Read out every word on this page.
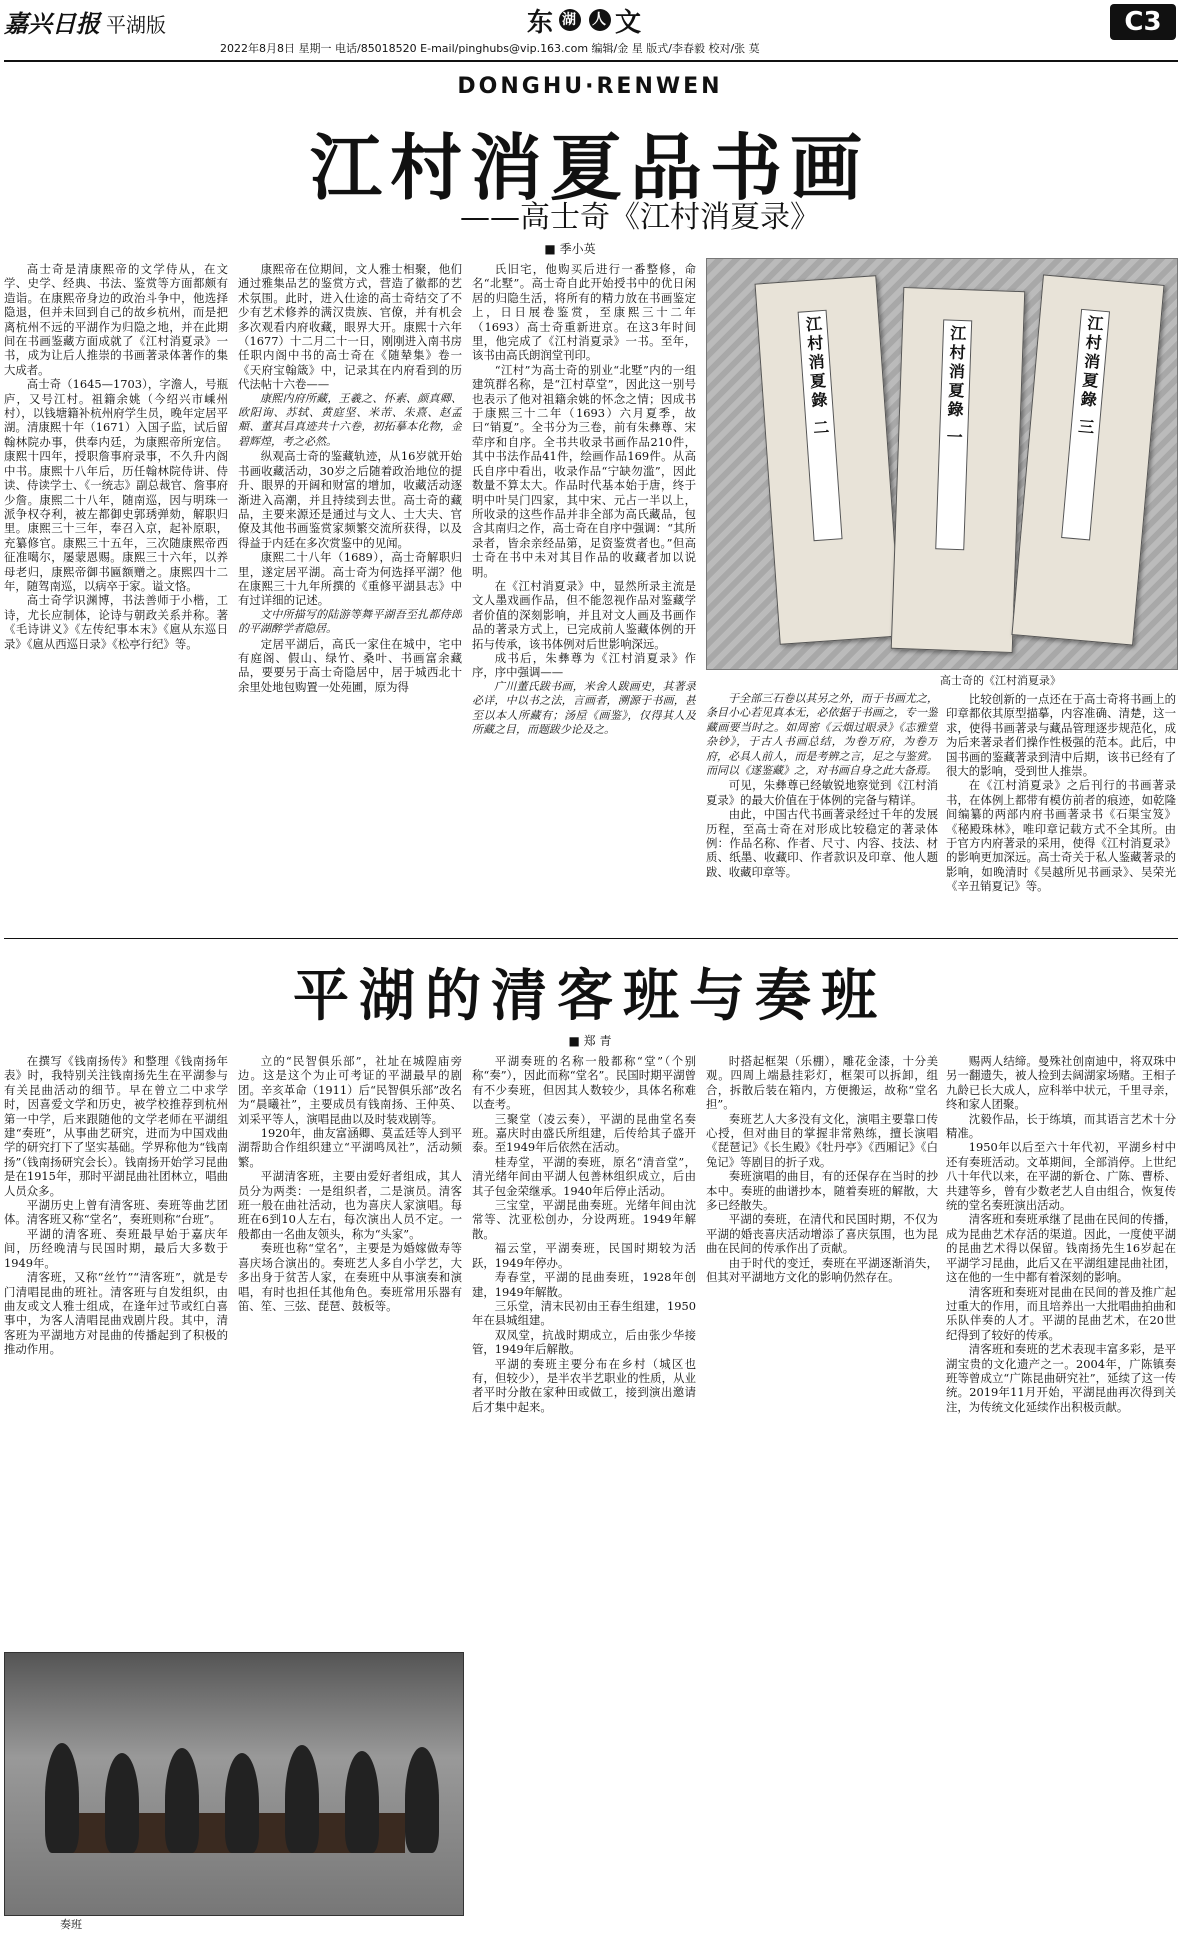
嘉兴日报 平湖版	东 湖 人 文	C3
2022年8月8日 星期一 电话/85018520 E-mail/pinghubs@vip.163.com 编辑/金 星 版式/李春毅 校对/张 莫
DONGHU·RENWEN
江村消夏品书画
——高士奇《江村消夏录》
■ 季小英

高士奇是清康熙帝的文学侍从，在文学、史学、经典、书法、鉴赏等方面都颇有造诣。在康熙帝身边的政治斗争中，他选择隐退，但并未回到自己的故乡杭州，而是把离杭州不远的平湖作为归隐之地，并在此期间在书画鉴藏方面成就了《江村消夏录》一书，成为让后人推崇的书画著录体著作的集大成者。

高士奇（1645—1703），字澹人，号瓶庐，又号江村。祖籍余姚（今绍兴市嵊州村），以钱塘籍补杭州府学生员，晚年定居平湖。清康熙十年（1671）入国子监，试后留翰林院办事，供奉内廷，为康熙帝所宠信。康熙十四年，授职詹事府录事，不久升内阁中书。康熙十八年后，历任翰林院侍讲、侍读、侍读学士、《一统志》副总裁官、詹事府少詹。康熙二十八年，随南巡，因与明珠一派争权夺利，被左都御史郭琇弹劾，解职归里。康熙三十三年，奉召入京，起补原职，充纂修官。康熙三十五年，三次随康熙帝西征准噶尔，屡蒙恩赐。康熙三十六年，以养母老归，康熙帝御书匾额赠之。康熙四十二年，随驾南巡，以病卒于家。谥文恪。

高士奇学识渊博，书法善师于小楷，工诗，尤长应制体，论诗与朝政关系并称。著《毛诗讲义》《左传纪事本末》《扈从东巡日录》《扈从西巡日录》《松亭行纪》等。

康熙帝在位期间，文人雅士相聚，他们通过雅集品艺的鉴赏方式，营造了徽都的艺术氛围。此时，进入仕途的高士奇结交了不少有艺术修养的满汉贵族、官僚，并有机会多次观看内府收藏，眼界大开。康熙十六年（1677）十二月二十一日，刚刚进入南书房任职内阁中书的高士奇在《随辇集》卷一《天府宝翰箴》中，记录其在内府看到的历代法帖十六卷——

康熙内府所藏，王羲之、怀素、颜真卿、欧阳询、苏轼、黄庭坚、米芾、朱熹、赵孟頫、董其昌真迹共十六卷，初拓摹本化物，金碧辉煌，考之必然。

纵观高士奇的鉴藏轨迹，从16岁就开始书画收藏活动，30岁之后随着政治地位的提升、眼界的开阔和财富的增加，收藏活动逐渐进入高潮，并且持续到去世。高士奇的藏品，主要来源还是通过与文人、士大夫、官僚及其他书画鉴赏家频繁交流所获得，以及得益于内廷在多次赏鉴中的见闻。

康熙二十八年（1689），高士奇解职归里，遂定居平湖。高士奇为何选择平湖？他在康熙三十九年所撰的《重修平湖县志》中有过详细的记述。

文中所描写的陆游等舞平湖吾至扎都侍郎的平湖醉学者隐居。

定居平湖后，高氏一家住在城中，宅中有庭阁、假山、绿竹、桑叶、书画富余藏品，要要另于高士奇隐居中，居于城西北十余里处地包购置一处苑圃，原为得

氏旧宅，他购买后进行一番整修，命名“北墅”。高士奇自此开始授书中的优日闲居的归隐生活，将所有的精力放在书画鉴定上，日日展卷鉴赏，至康熙三十二年（1693）高士奇重新进京。在这3年时间里，他完成了《江村消夏录》一书。至年，该书由高氏朗润堂刊印。

“江村”为高士奇的别业“北墅”内的一组建筑群名称，是“江村草堂”，因此这一别号也表示了他对祖籍余姚的怀念之情；因成书于康熙三十二年（1693）六月夏季，故曰“销夏”。全书分为三卷，前有朱彝尊、宋荦序和自序。全书共收录书画作品210件，其中书法作品41件，绘画作品169件。从高氏自序中看出，收录作品“宁缺勿滥”，因此数量不算太大。作品时代基本始于唐，终于明中叶吴门四家，其中宋、元占一半以上，所收录的这些作品并非全部为高氏藏品，包含其南归之作，高士奇在自序中强调：“其所录者，皆余亲经品第，足资鉴赏者也。”但高士奇在书中未对其目作品的收藏者加以说明。

在《江村消夏录》中，显然所录主流是文人墨戏画作品，但不能忽视作品对鉴藏学者价值的深刻影响，并且对文人画及书画作品的著录方式上，已完成前人鉴藏体例的开拓与传承，该书体例对后世影响深远。

成书后，朱彝尊为《江村消夏录》作序，序中强调——

广川董氏跋书画，米舍人跋画史，其著录必详，中以书之法，言画者，溯源于书画，甚至以本人所藏有；汤垕《画鉴》，仅得其人及所藏之目，而题跋少论及之。

江村消夏錄 二	江村消夏錄 一	江村消夏錄 三
高士奇的《江村消夏录》

于全部三石卷以其另之外，而于书画尤之，条目小心若见真本无，必依据于书画之，专一鉴藏画要当时之。如周密《云烟过眼录》《志雅堂杂钞》，于古人书画总结，为卷万府，为卷万府，必具人前人，而是考辨之言，足之与鉴赏。而同以《遂鉴藏》之，对书画自身之此大备焉。

可见，朱彝尊已经敏锐地察觉到《江村消夏录》的最大价值在于体例的完备与精详。

由此，中国古代书画著录经过千年的发展历程，至高士奇在对形成比较稳定的著录体例：作品名称、作者、尺寸、内容、技法、材质、纸墨、收藏印、作者款识及印章、他人题跋、收藏印章等。

比较创新的一点还在于高士奇将书画上的印章都依其原型描摹，内容准确、清楚，这一求，使得书画著录与藏品管理逐步规范化，成为后来著录者们操作性极强的范本。此后，中国书画的鉴藏著录到清中后期，该书已经有了很大的影响，受到世人推崇。

在《江村消夏录》之后刊行的书画著录书，在体例上都带有模仿前者的痕迹，如乾隆间编纂的两部内府书画著录书《石渠宝笈》《秘殿珠林》，唯印章记载方式不全其所。由于官方内府著录的采用，使得《江村消夏录》的影响更加深远。高士奇关于私人鉴藏著录的影响，如晚清时《吴越所见书画录》、吴荣光《辛丑销夏记》等。

平湖的清客班与奏班
■ 郑 青

在撰写《钱南扬传》和整理《钱南扬年表》时，我特别关注钱南扬先生在平湖参与有关昆曲活动的细节。早在曾立二中求学时，因喜爱文学和历史，被学校推荐到杭州第一中学，后来跟随他的文学老师在平湖组建“奏班”，从事曲艺研究，进而为中国戏曲学的研究打下了坚实基础。学界称他为“钱南扬”（钱南扬研究会长）。钱南扬开始学习昆曲是在1915年，那时平湖昆曲社团林立，唱曲人员众多。

平湖历史上曾有清客班、奏班等曲艺团体。清客班又称“堂名”，奏班则称“台班”。

平湖的清客班、奏班最早始于嘉庆年间，历经晚清与民国时期，最后大多数于1949年。

清客班，又称“丝竹”“清客班”，就是专门清唱昆曲的班社。清客班与自发组织，由曲友或文人雅士组成，在逢年过节或红白喜事中，为客人清唱昆曲戏剧片段。其中，清客班为平湖地方对昆曲的传播起到了积极的推动作用。

立的“民智俱乐部”，社址在城隍庙旁边。这是这个为止可考证的平湖最早的剧团。辛亥革命（1911）后“民智俱乐部”改名为“晨曦社”，主要成员有钱南扬、王仲英、刘采平等人，演唱昆曲以及时装戏剧等。

1920年，曲友富涵卿、莫孟廷等人到平湖帮助合作组织建立“平湖鸣凤社”，活动频繁。

平湖清客班，主要由爱好者组成，其人员分为两类：一是组织者，二是演员。清客班一般在曲社活动，也为喜庆人家演唱。每班在6到10人左右，每次演出人员不定。一般都由一名曲友领头，称为“头家”。

奏班也称“堂名”，主要是为婚嫁做寿等喜庆场合演出的。奏班艺人多自小学艺，大多出身于贫苦人家，在奏班中从事演奏和演唱，有时也担任其他角色。奏班常用乐器有笛、笙、三弦、琵琶、鼓板等。

奏班

平湖奏班的名称一般都称“堂”（个别称“奏”），因此而称“堂名”。民国时期平湖曾有不少奏班，但因其人数较少，具体名称难以查考。

三聚堂（凌云奏），平湖的昆曲堂名奏班。嘉庆时由盛氏所组建，后传给其子盛开泰。至1949年后依然在活动。

桂寿堂，平湖的奏班，原名“清音堂”，清光绪年间由平湖人包善林组织成立，后由其子包金荣继承。1940年后停止活动。

三宝堂，平湖昆曲奏班。光绪年间由沈常等、沈亚松创办，分设两班。1949年解散。

福云堂，平湖奏班，民国时期较为活跃，1949年停办。

寿春堂，平湖的昆曲奏班，1928年创建，1949年解散。

三乐堂，清末民初由王春生组建，1950年在县城组建。

双凤堂，抗战时期成立，后由张少华接管，1949年后解散。

平湖的奏班主要分布在乡村（城区也有，但较少），是半农半艺职业的性质，从业者平时分散在家种田或做工，接到演出邀请后才集中起来。

时搭起框架（乐棚），雕花金漆，十分美观。四周上端悬挂彩灯，框架可以拆卸，组合，拆散后装在箱内，方便搬运，故称“堂名担”。

奏班艺人大多没有文化，演唱主要靠口传心授，但对曲目的掌握非常熟练，擅长演唱《琵琶记》《长生殿》《牡丹亭》《西厢记》《白兔记》等剧目的折子戏。

奏班演唱的曲目，有的还保存在当时的抄本中。奏班的曲谱抄本，随着奏班的解散，大多已经散失。

平湖的奏班，在清代和民国时期，不仅为平湖的婚丧喜庆活动增添了喜庆氛围，也为昆曲在民间的传承作出了贡献。

由于时代的变迁，奏班在平湖逐渐消失，但其对平湖地方文化的影响仍然存在。

赐两人结缔。曼殊社创南迪中，将双珠中另一翻遗失，被人捡到去阔湖家场赌。王相子九龄已长大成人，应科举中状元，千里寻亲，终和家人团聚。

沈毅作品，长于练填，而其语言艺术十分精准。

1950年以后至六十年代初，平湖乡村中还有奏班活动。文革期间，全部消停。上世纪八十年代以来，在平湖的新仓、广陈、曹桥、共建等乡，曾有少数老艺人自由组合，恢复传统的堂名奏班演出活动。

清客班和奏班承继了昆曲在民间的传播，成为昆曲艺术存活的渠道。因此，一度使平湖的昆曲艺术得以保留。钱南扬先生16岁起在平湖学习昆曲，此后又在平湖组建昆曲社团，这在他的一生中都有着深刻的影响。

清客班和奏班对昆曲在民间的普及推广起过重大的作用，而且培养出一大批唱曲拍曲和乐队伴奏的人才。平湖的昆曲艺术，在20世纪得到了较好的传承。

清客班和奏班的艺术表现丰富多彩，是平湖宝贵的文化遗产之一。2004年，广陈镇奏班等曾成立“广陈昆曲研究社”，延续了这一传统。2019年11月开始，平湖昆曲再次得到关注，为传统文化延续作出积极贡献。
